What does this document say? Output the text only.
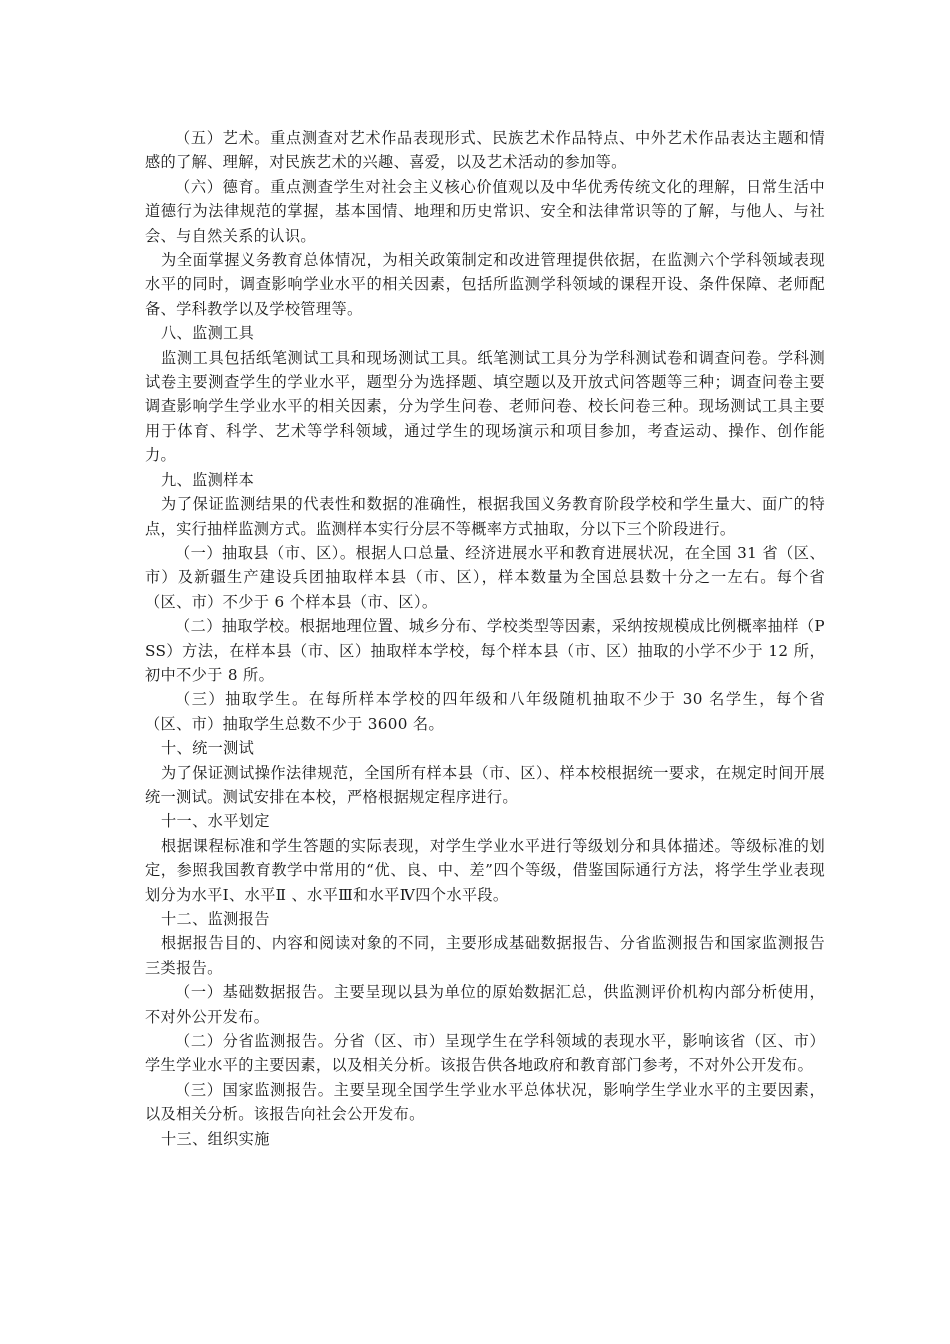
（五）艺术。重点测查对艺术作品表现形式、民族艺术作品特点、中外艺术作品表达主题和情感的了解、理解，对民族艺术的兴趣、喜爱，以及艺术活动的参加等。

（六）德育。重点测查学生对社会主义核心价值观以及中华优秀传统文化的理解，日常生活中道德行为法律规范的掌握，基本国情、地理和历史常识、安全和法律常识等的了解，与他人、与社会、与自然关系的认识。

为全面掌握义务教育总体情况，为相关政策制定和改进管理提供依据，在监测六个学科领域表现水平的同时，调查影响学业水平的相关因素，包括所监测学科领域的课程开设、条件保障、老师配备、学科教学以及学校管理等。

八、监测工具

监测工具包括纸笔测试工具和现场测试工具。纸笔测试工具分为学科测试卷和调查问卷。学科测试卷主要测查学生的学业水平，题型分为选择题、填空题以及开放式问答题等三种；调查问卷主要调查影响学生学业水平的相关因素，分为学生问卷、老师问卷、校长问卷三种。现场测试工具主要用于体育、科学、艺术等学科领域，通过学生的现场演示和项目参加，考查运动、操作、创作能力。

九、监测样本

为了保证监测结果的代表性和数据的准确性，根据我国义务教育阶段学校和学生量大、面广的特点，实行抽样监测方式。监测样本实行分层不等概率方式抽取，分以下三个阶段进行。

（一）抽取县（市、区）。根据人口总量、经济进展水平和教育进展状况，在全国 31 省（区、市）及新疆生产建设兵团抽取样本县（市、区），样本数量为全国总县数十分之一左右。每个省（区、市）不少于 6 个样本县（市、区）。

（二）抽取学校。根据地理位置、城乡分布、学校类型等因素，采纳按规模成比例概率抽样（PSS）方法，在样本县（市、区）抽取样本学校，每个样本县（市、区）抽取的小学不少于 12 所，初中不少于 8 所。

（三）抽取学生。在每所样本学校的四年级和八年级随机抽取不少于 30 名学生，每个省（区、市）抽取学生总数不少于 3600 名。

十、统一测试

为了保证测试操作法律规范，全国所有样本县（市、区）、样本校根据统一要求，在规定时间开展统一测试。测试安排在本校，严格根据规定程序进行。

十一、水平划定

根据课程标准和学生答题的实际表现，对学生学业水平进行等级划分和具体描述。等级标准的划定，参照我国教育教学中常用的“优、良、中、差”四个等级，借鉴国际通行方法，将学生学业表现划分为水平Ⅰ、水平Ⅱ 、水平Ⅲ和水平Ⅳ四个水平段。

十二、监测报告

根据报告目的、内容和阅读对象的不同，主要形成基础数据报告、分省监测报告和国家监测报告三类报告。

（一）基础数据报告。主要呈现以县为单位的原始数据汇总，供监测评价机构内部分析使用，不对外公开发布。

（二）分省监测报告。分省（区、市）呈现学生在学科领域的表现水平，影响该省（区、市）学生学业水平的主要因素，以及相关分析。该报告供各地政府和教育部门参考，不对外公开发布。

（三）国家监测报告。主要呈现全国学生学业水平总体状况，影响学生学业水平的主要因素，以及相关分析。该报告向社会公开发布。

十三、组织实施
